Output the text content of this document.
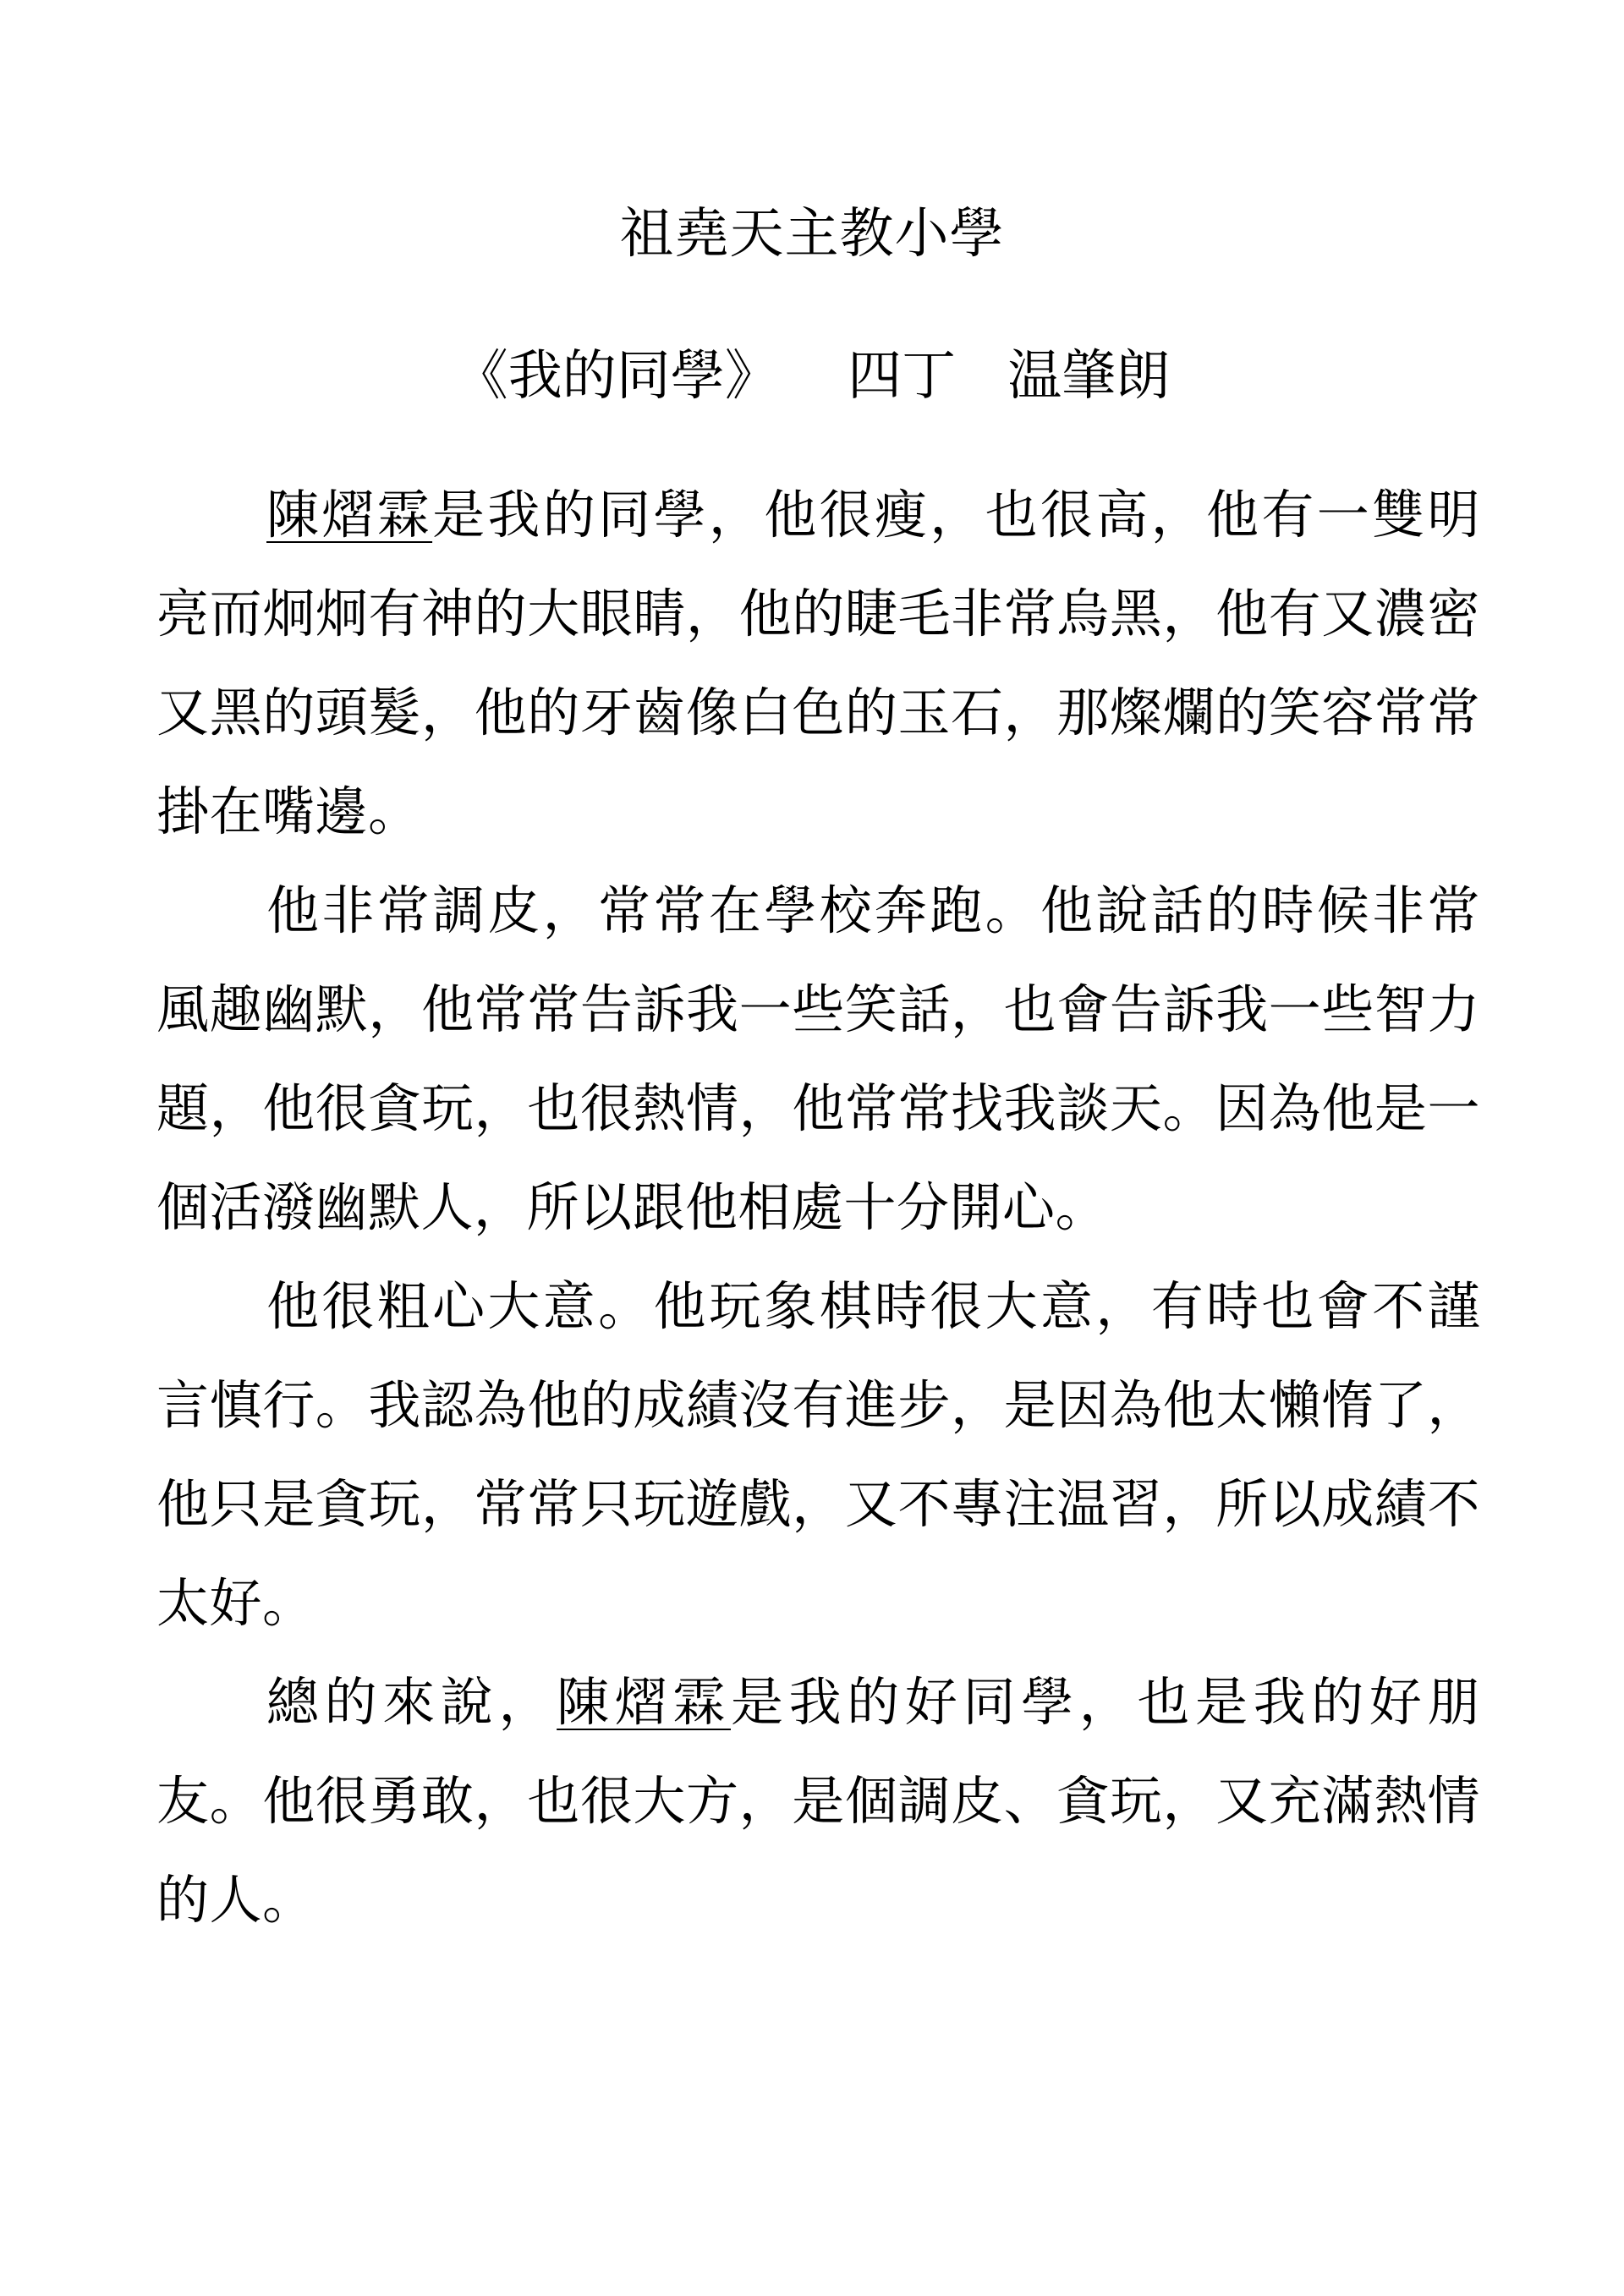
祖堯天主教小學
《我的同學》 四丁 温肇朗

陳熠霖是我的同學，他很瘦，也很高，他有一雙明亮而炯炯有神的大眼睛，他的睫毛非常烏黑，他有又濃密又黑的頭髮，他的牙齒像白色的玉石，那燦爛的笑容常常掛在嘴邊。

他非常調皮，常常在學校奔跑。他說話的時候非常風趣幽默，他常常告訴我一些笑話，也會告訴我一些智力題，他很貪玩，也很熱情，他常常找我談天。因為他是一個活潑幽默人，所以跟他相處十分開心。

他很粗心大意。他玩象棋時很大意，有時也會不謹言慎行。我認為他的成績沒有進步，是因為他太懶惰了，他只是貪玩，常常只玩遊戲，又不專注温習，所以成績不太好。

總的來說，陳熠霖是我的好同學，也是我的好朋友。他很勇敢，也很大方，是個調皮、貪玩，又充滿熱情的人。
